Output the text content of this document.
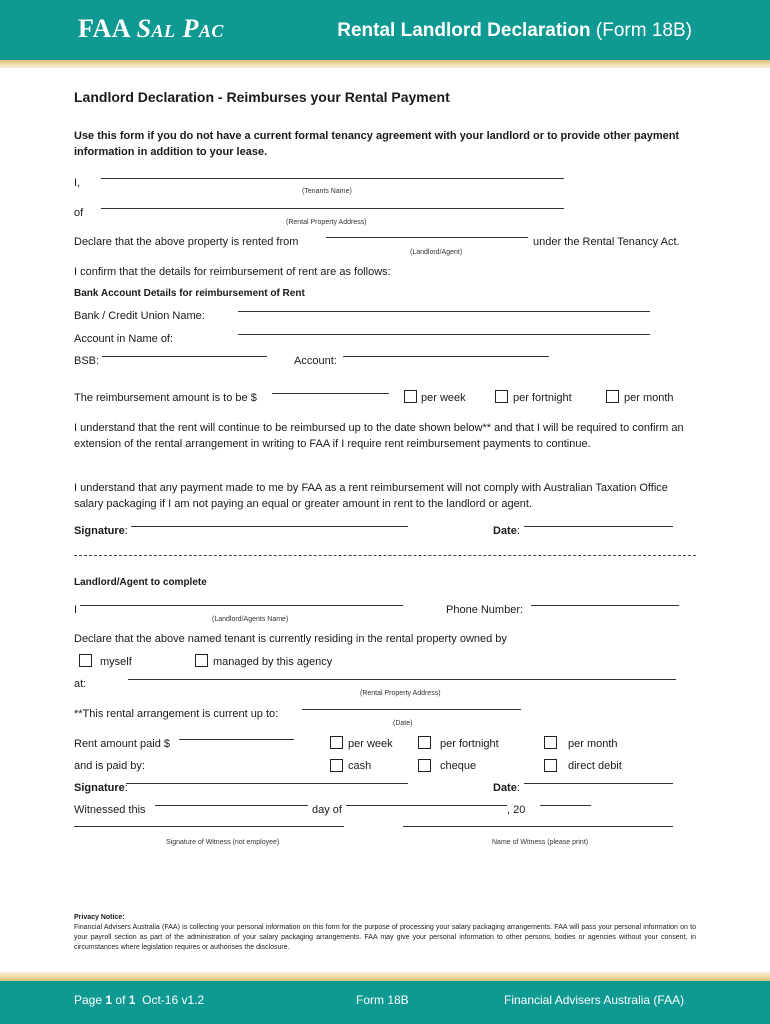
FAA Sal Pac	Rental Landlord Declaration (Form 18B)
Landlord Declaration - Reimburses your Rental Payment
Use this form if you do not have a current formal tenancy agreement with your landlord or to provide other payment information in addition to your lease.
I,
(Tenants Name)
of
(Rental Property Address)
Declare that the above property is rented from	under the Rental Tenancy Act.
(Landlord/Agent)
I confirm that the details for reimbursement of rent are as follows:
Bank Account Details for reimbursement of Rent
Bank / Credit Union Name:
Account in Name of:
BSB:	Account:
The reimbursement amount is to be $	per week	per fortnight	per month
I understand that the rent will continue to be reimbursed up to the date shown below** and that I will be required to confirm an extension of the rental arrangement in writing to FAA if I require rent reimbursement payments to continue.
I understand that any payment made to me by FAA as a rent reimbursement will not comply with Australian Taxation Office salary packaging if I am not paying an equal or greater amount in rent to the landlord or agent.
Signature:	Date:
Landlord/Agent to complete
I
(Landlord/Agents Name)
Phone Number:
Declare that the above named tenant is currently residing in the rental property owned by
myself	managed by this agency
at:
(Rental Property Address)
**This rental arrangement is current up to:
(Date)
Rent amount paid $	per week	per fortnight	per month
and is paid by:	cash	cheque	direct debit
Signature:	Date:
Witnessed this	day of	, 20
Signature of Witness (not employee)	Name of Witness (please print)
Privacy Notice:
Financial Advisers Australia (FAA) is collecting your personal information on this form for the purpose of processing your salary packaging arrangements. FAA will pass your personal information on to your payroll section as part of the administration of your salary packaging arrangements. FAA may give your personal information to other persons, bodies or agencies without your consent, in circumstances where legislation requires or authorises the disclosure.
Page 1 of 1 Oct-16 v1.2	Form 18B	Financial Advisers Australia (FAA)
